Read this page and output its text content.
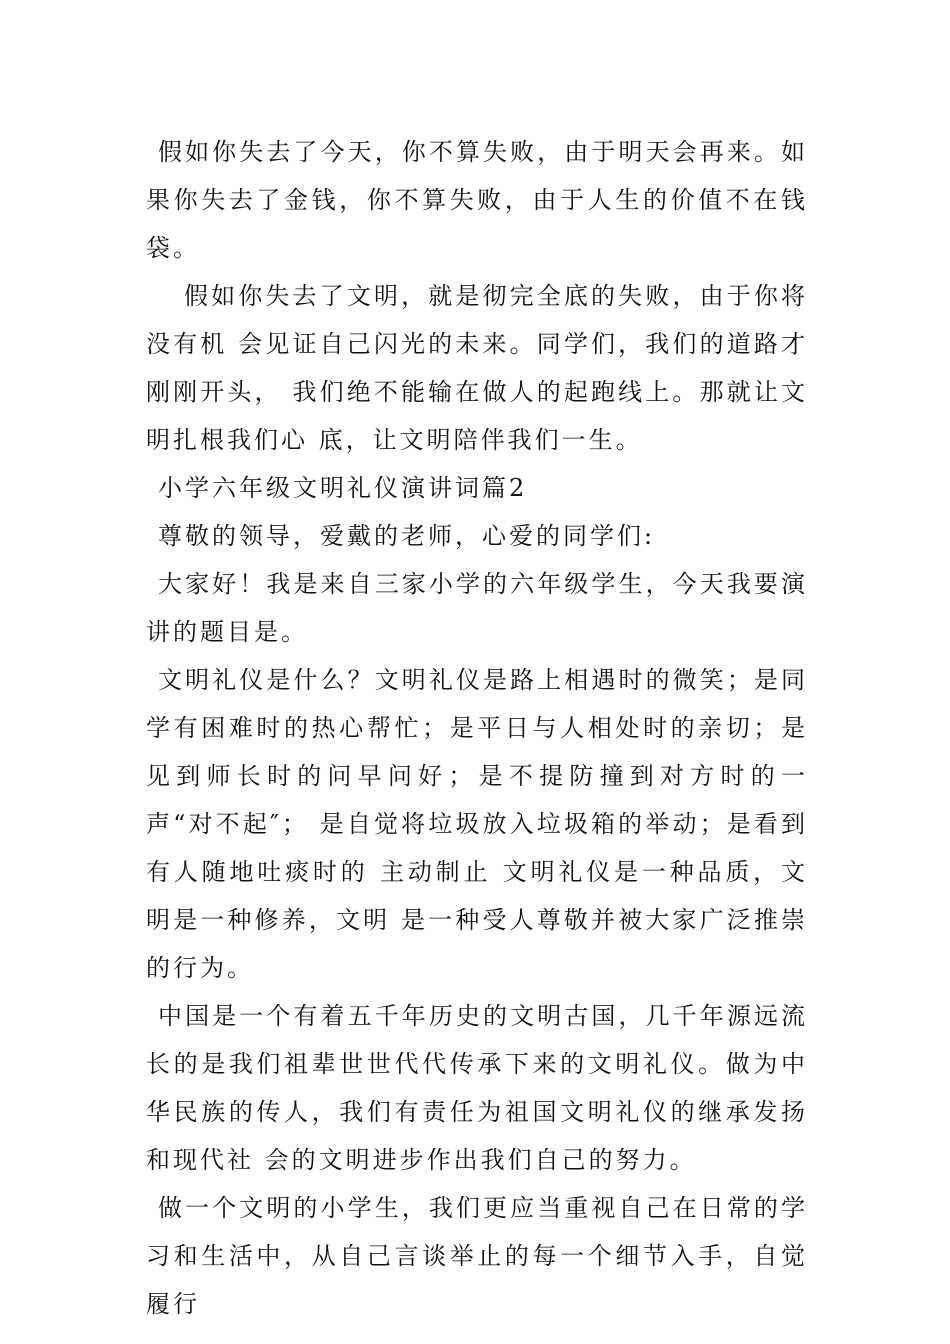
假如你失去了今天，你不算失败，由于明天会再来。如 果你失去了金钱，你不算失败，由于人生的价值不在钱袋。

假如你失去了文明，就是彻完全底的失败，由于你将没有机 会见证自己闪光的未来。同学们，我们的道路才刚刚开头， 我们绝不能输在做人的起跑线上。那就让文明扎根我们心 底，让文明陪伴我们一生。

小学六年级文明礼仪演讲词篇2

尊敬的领导，爱戴的老师，心爱的同学们:

大家好！我是来自三家小学的六年级学生，今天我要演 讲的题目是。

文明礼仪是什么？文明礼仪是路上相遇时的微笑；是同 学有困难时的热心帮忙；是平日与人相处时的亲切；是见到师长时的问早问好；是不提防撞到对方时的一声“对不起″； 是自觉将垃圾放入垃圾箱的举动；是看到有人随地吐痰时的 主动制止 文明礼仪是一种品质，文明是一种修养，文明 是一种受人尊敬并被大家广泛推崇的行为。

中国是一个有着五千年历史的文明古国，几千年源远流 长的是我们祖辈世世代代传承下来的文明礼仪。做为中华民族的传人，我们有责任为祖国文明礼仪的继承发扬和现代社 会的文明进步作出我们自己的努力。

做一个文明的小学生，我们更应当重视自己在日常的学 习和生活中，从自己言谈举止的每一个细节入手，自觉履行
